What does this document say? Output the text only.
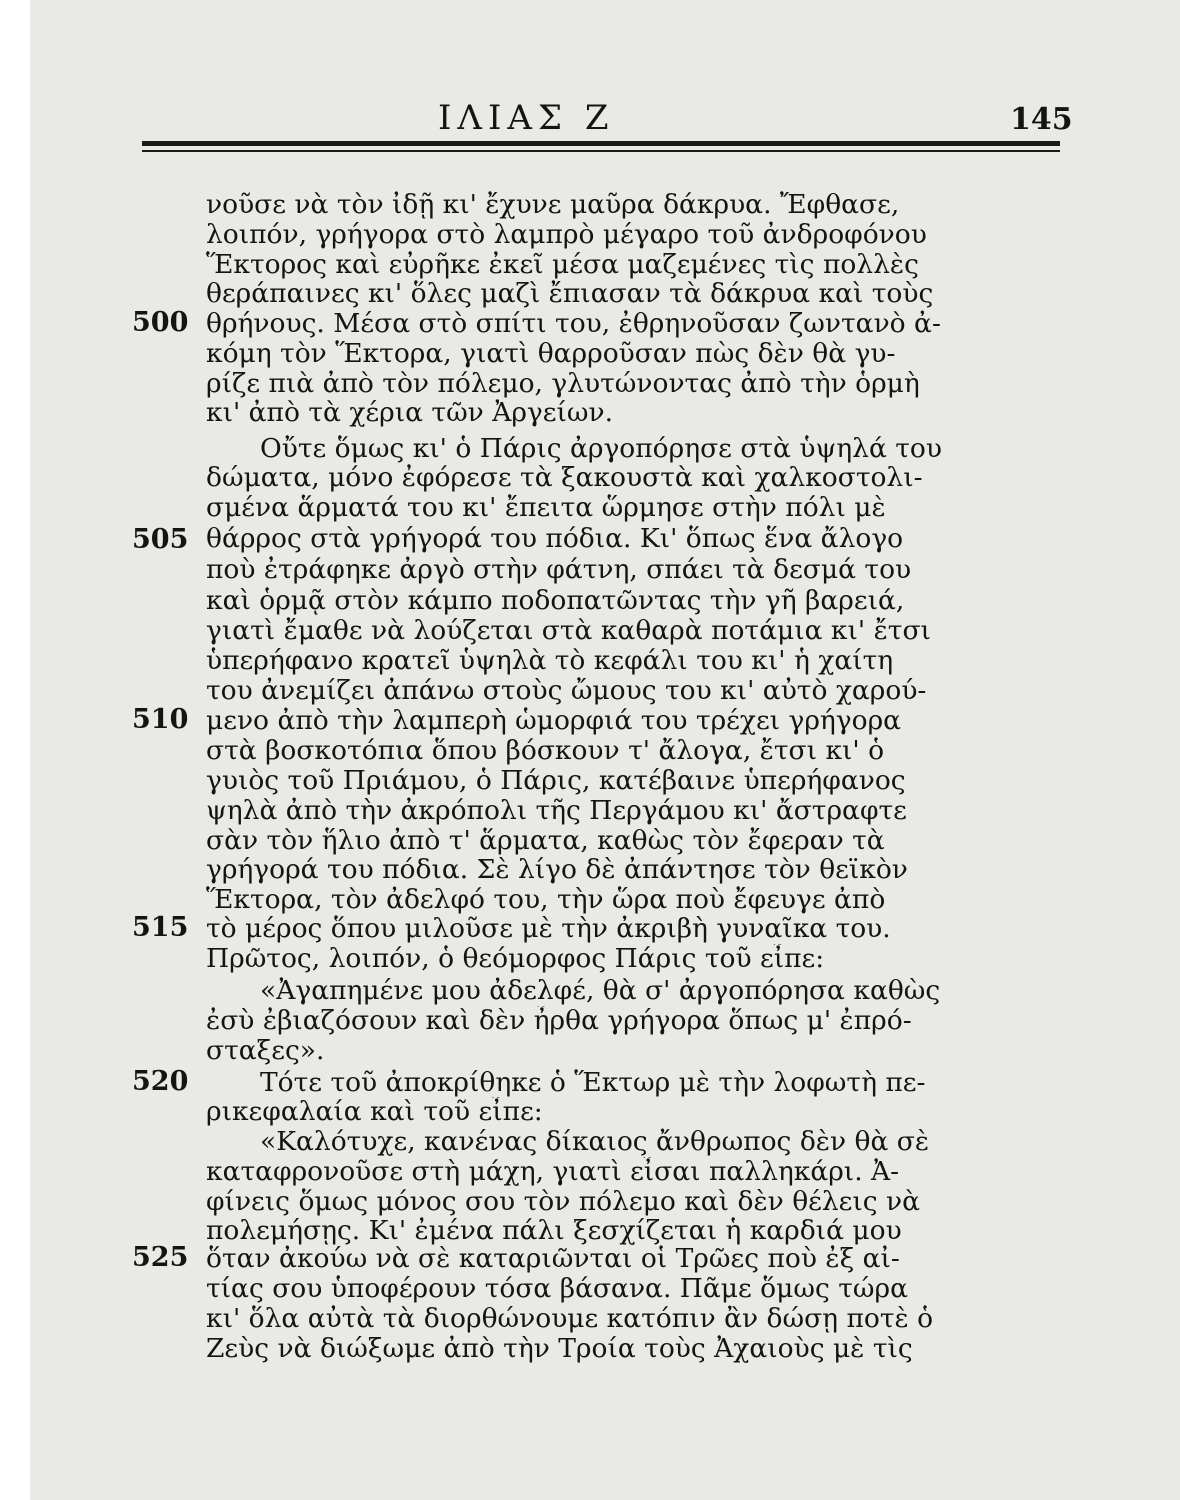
ΙΛΙΑΣ Ζ	145
500
505
510
515
520
525
νοῦσε νὰ τὸν ἰδῇ κι' ἔχυνε μαῦρα δάκρυα. Ἔφθασε,
λοιπόν, γρήγορα στὸ λαμπρὸ μέγαρο τοῦ ἀνδροφόνου
Ἕκτορος καὶ εὐρῆκε ἐκεῖ μέσα μαζεμένες τὶς πολλὲς
θεράπαινες κι' ὅλες μαζὶ ἔπιασαν τὰ δάκρυα καὶ τοὺς
θρήνους. Μέσα στὸ σπίτι του, ἐθρηνοῦσαν ζωντανὸ ἀ-
κόμη τὸν Ἕκτορα, γιατὶ θαρροῦσαν πὼς δὲν θὰ γυ-
ρίζε πιὰ ἀπὸ τὸν πόλεμο, γλυτώνοντας ἀπὸ τὴν ὁρμὴ
κι' ἀπὸ τὰ χέρια τῶν Ἀργείων.
Οὔτε ὅμως κι' ὁ Πάρις ἀργοπόρησε στὰ ὑψηλά του
δώματα, μόνο ἐφόρεσε τὰ ξακουστὰ καὶ χαλκοστολι-
σμένα ἅρματά του κι' ἔπειτα ὥρμησε στὴν πόλι μὲ
θάρρος στὰ γρήγορά του πόδια. Κι' ὅπως ἕνα ἄλογο
ποὺ ἐτράφηκε ἀργὸ στὴν φάτνη, σπάει τὰ δεσμά του
καὶ ὁρμᾷ στὸν κάμπο ποδοπατῶντας τὴν γῆ βαρειά,
γιατὶ ἔμαθε νὰ λούζεται στὰ καθαρὰ ποτάμια κι' ἔτσι
ὑπερήφανο κρατεῖ ὑψηλὰ τὸ κεφάλι του κι' ἡ χαίτη
του ἀνεμίζει ἀπάνω στοὺς ὤμους του κι' αὐτὸ χαρού-
μενο ἀπὸ τὴν λαμπερὴ ὡμορφιά του τρέχει γρήγορα
στὰ βοσκοτόπια ὅπου βόσκουν τ' ἄλογα, ἔτσι κι' ὁ
γυιὸς τοῦ Πριάμου, ὁ Πάρις, κατέβαινε ὑπερήφανος
ψηλὰ ἀπὸ τὴν ἀκρόπολι τῆς Περγάμου κι' ἄστραφτε
σὰν τὸν ἥλιο ἀπὸ τ' ἅρματα, καθὼς τὸν ἔφεραν τὰ
γρήγορά του πόδια. Σὲ λίγο δὲ ἀπάντησε τὸν θεϊκὸν
Ἕκτορα, τὸν ἀδελφό του, τὴν ὥρα ποὺ ἔφευγε ἀπὸ
τὸ μέρος ὅπου μιλοῦσε μὲ τὴν ἀκριβὴ γυναῖκα του.
Πρῶτος, λοιπόν, ὁ θεόμορφος Πάρις τοῦ εἶπε:
«Ἀγαπημένε μου ἀδελφέ, θὰ σ' ἀργοπόρησα καθὼς
ἐσὺ ἐβιαζόσουν καὶ δὲν ἦρθα γρήγορα ὅπως μ' ἐπρό-
σταξες».
Τότε τοῦ ἀποκρίθηκε ὁ Ἕκτωρ μὲ τὴν λοφωτὴ πε-
ρικεφαλαία καὶ τοῦ εἶπε:
«Καλότυχε, κανένας δίκαιος ἄνθρωπος δὲν θὰ σὲ
καταφρονοῦσε στὴ μάχη, γιατὶ εἶσαι παλληκάρι. Ἀ-
φίνεις ὅμως μόνος σου τὸν πόλεμο καὶ δὲν θέλεις νὰ
πολεμήσῃς. Κι' ἐμένα πάλι ξεσχίζεται ἡ καρδιά μου
ὅταν ἀκούω νὰ σὲ καταριῶνται οἱ Τρῶες ποὺ ἐξ αἰ-
τίας σου ὑποφέρουν τόσα βάσανα. Πᾶμε ὅμως τώρα
κι' ὅλα αὐτὰ τὰ διορθώνουμε κατόπιν ἂν δώσῃ ποτὲ ὁ
Ζεὺς νὰ διώξωμε ἀπὸ τὴν Τροία τοὺς Ἀχαιοὺς μὲ τὶς
